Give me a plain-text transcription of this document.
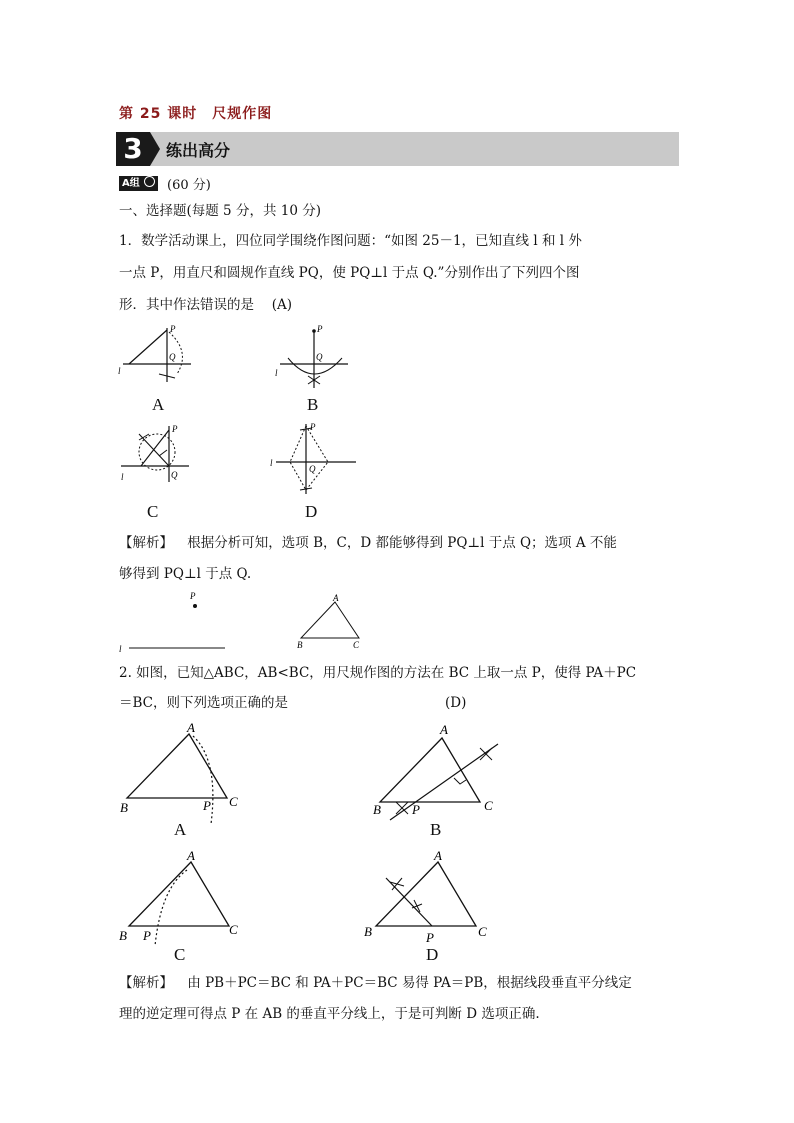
第 25 课时　尺规作图
3	练出高分
A组	(60 分)
一、选择题(每题 5 分，共 10 分)
1．数学活动课上，四位同学围绕作图问题：“如图 25－1，已知直线 l 和 l 外
一点 P，用直尺和圆规作直线 PQ，使 PQ⊥l 于点 Q.”分别作出了下列四个图
形．其中作法错误的是　 (A)
P
Q
l
A
P
Q
l
B
P
Q
l
C
P
Q
l
D
【解析】 根据分析可知，选项 B，C，D 都能够得到 PQ⊥l 于点 Q；选项 A 不能
够得到 PQ⊥l 于点 Q.
P
l
A
B	C
2. 如图，已知△ABC，AB<BC，用尺规作图的方法在 BC 上取一点 P，使得 PA＋PC
＝BC，则下列选项正确的是	(D)
A
B	C
P
A
A
B	C
P
B
A
B	C
P
C
A
B	C
P
D
【解析】 由 PB＋PC＝BC 和 PA＋PC＝BC 易得 PA＝PB，根据线段垂直平分线定
理的逆定理可得点 P 在 AB 的垂直平分线上，于是可判断 D 选项正确.
